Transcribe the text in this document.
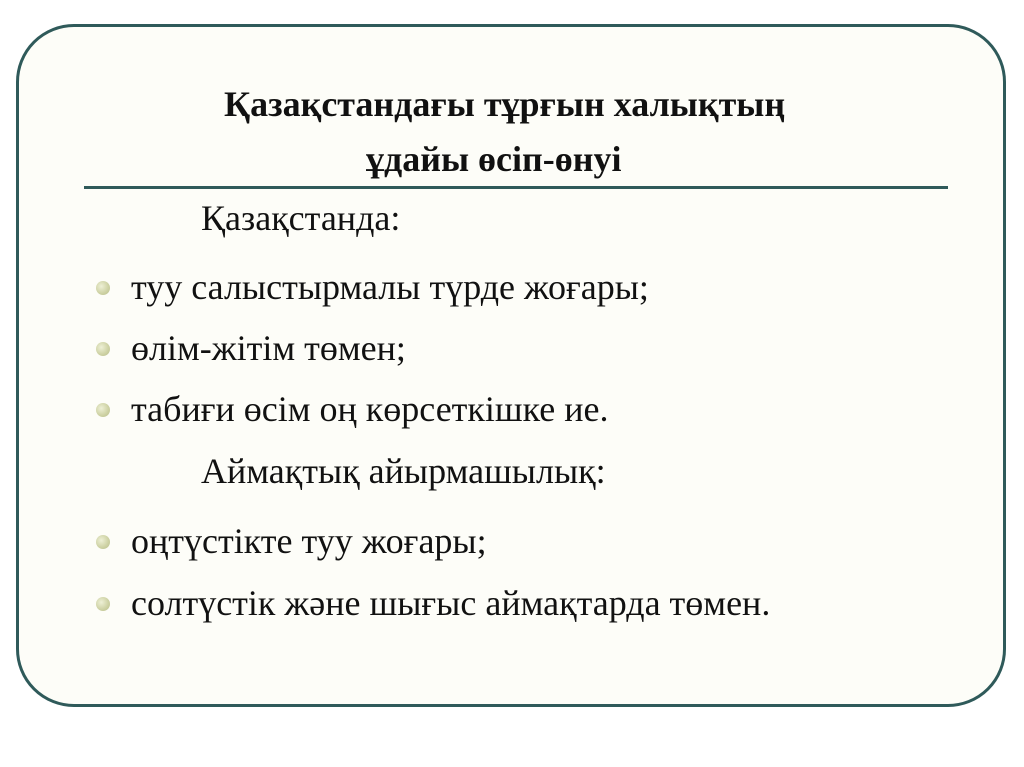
Қазақстандағы тұрғын халықтың
ұдайы өсіп-өнуі

Қазақстанда:

туу салыстырмалы түрде жоғары;

өлім-жітім төмен;

табиғи өсім оң көрсеткішке ие.

Аймақтық айырмашылық:

оңтүстікте туу жоғары;

солтүстік және шығыс аймақтарда төмен.
